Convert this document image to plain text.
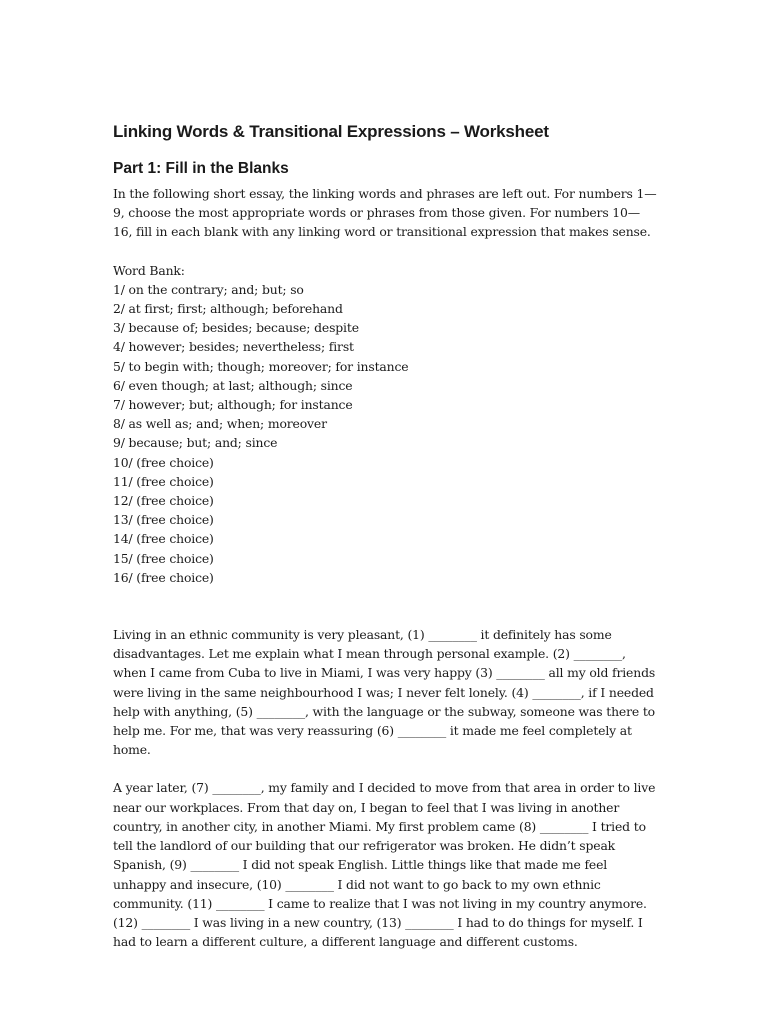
Linking Words & Transitional Expressions – Worksheet
Part 1: Fill in the Blanks

In the following short essay, the linking words and phrases are left out. For numbers 1—9, choose the most appropriate words or phrases from those given. For numbers 10—16, fill in each blank with any linking word or transitional expression that makes sense.

Word Bank:
1/ on the contrary; and; but; so
2/ at first; first; although; beforehand
3/ because of; besides; because; despite
4/ however; besides; nevertheless; first
5/ to begin with; though; moreover; for instance
6/ even though; at last; although; since
7/ however; but; although; for instance
8/ as well as; and; when; moreover
9/ because; but; and; since
10/ (free choice)
11/ (free choice)
12/ (free choice)
13/ (free choice)
14/ (free choice)
15/ (free choice)
16/ (free choice)

Living in an ethnic community is very pleasant, (1) ________ it definitely has some disadvantages. Let me explain what I mean through personal example. (2) ________, when I came from Cuba to live in Miami, I was very happy (3) ________ all my old friends were living in the same neighbourhood I was; I never felt lonely. (4) ________, if I needed help with anything, (5) ________, with the language or the subway, someone was there to help me. For me, that was very reassuring (6) ________ it made me feel completely at home.

A year later, (7) ________, my family and I decided to move from that area in order to live near our workplaces. From that day on, I began to feel that I was living in another country, in another city, in another Miami. My first problem came (8) ________ I tried to tell the landlord of our building that our refrigerator was broken. He didn’t speak Spanish, (9) ________ I did not speak English. Little things like that made me feel unhappy and insecure, (10) ________ I did not want to go back to my own ethnic community. (11) ________ I came to realize that I was not living in my country anymore. (12) ________ I was living in a new country, (13) ________ I had to do things for myself. I had to learn a different culture, a different language and different customs.
